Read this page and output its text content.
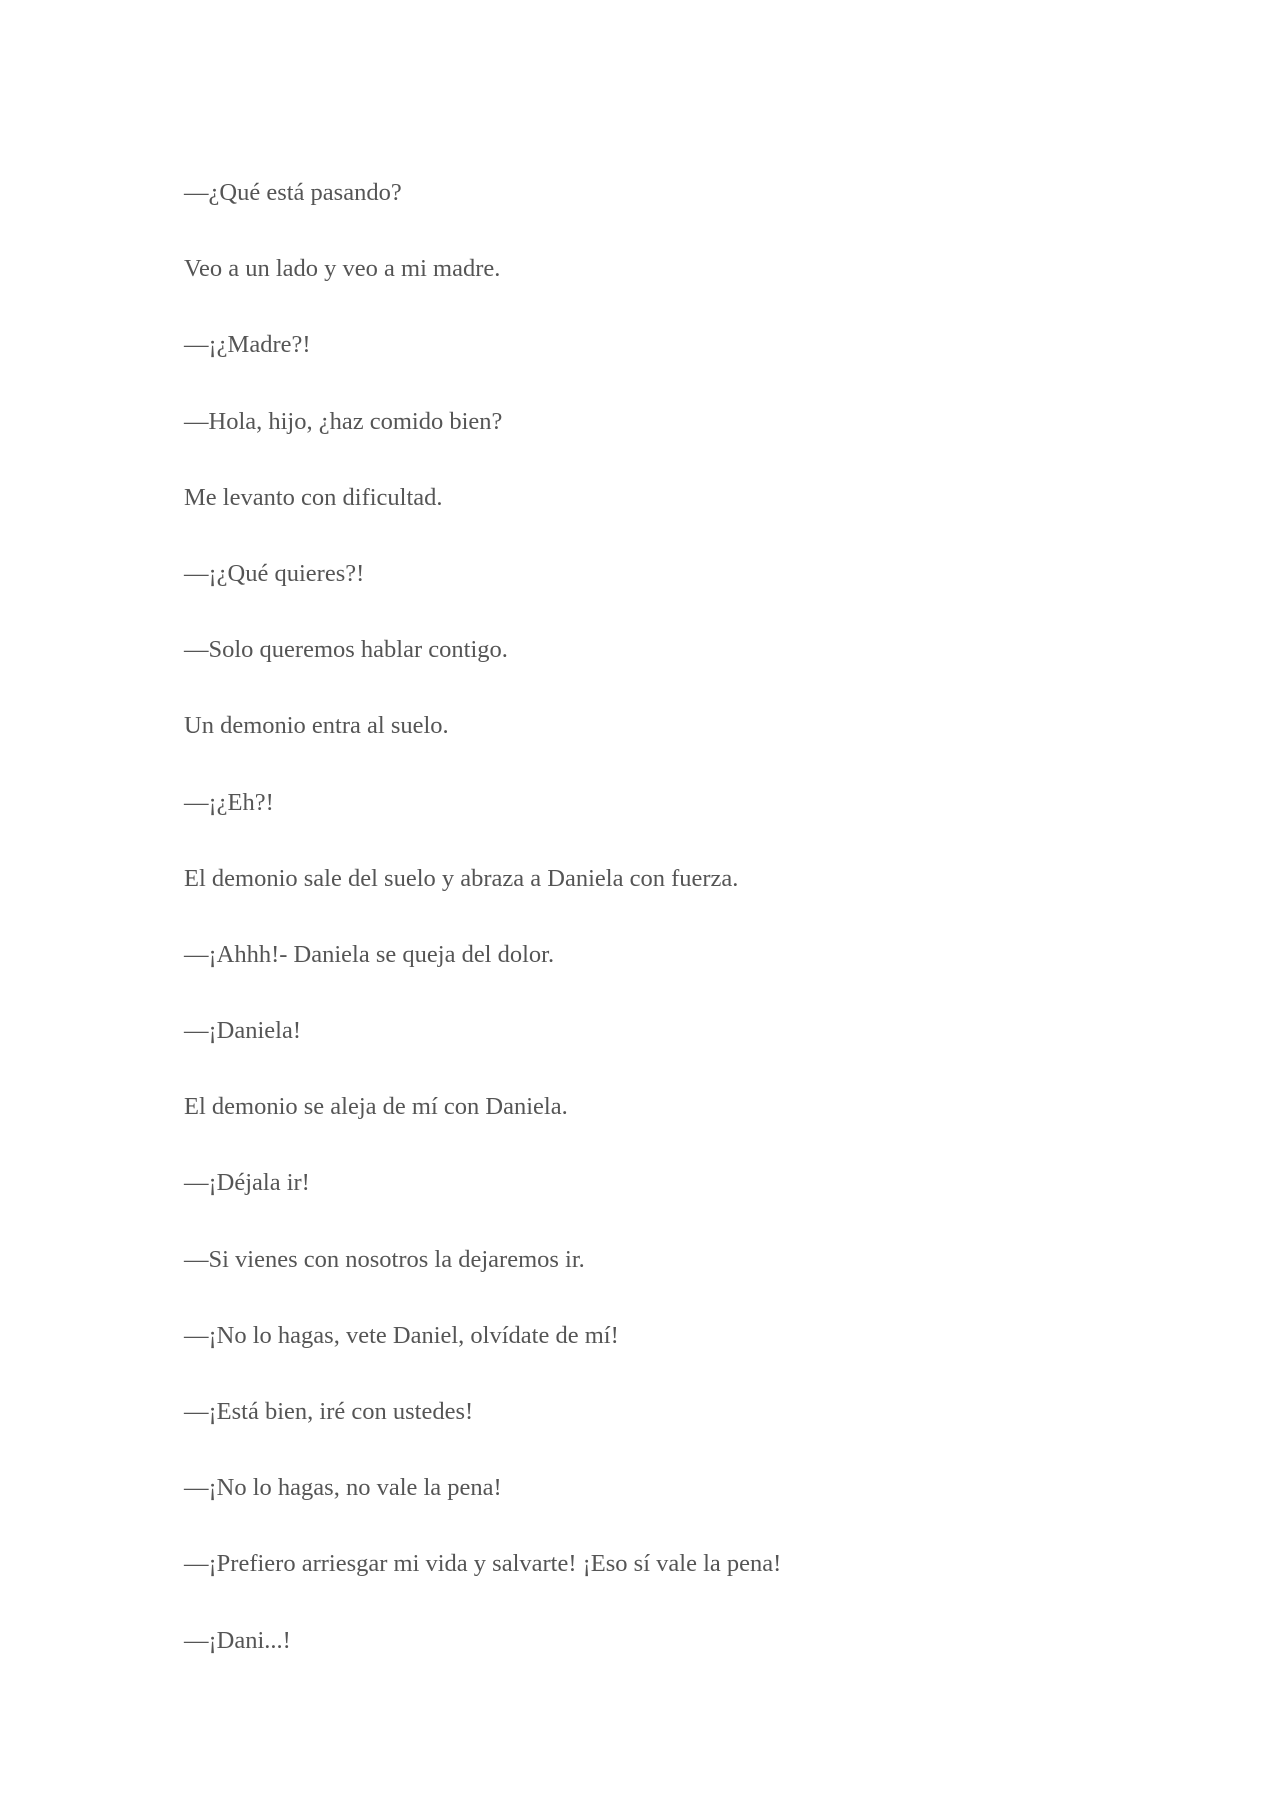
—¿Qué está pasando?

Veo a un lado y veo a mi madre.

—¡¿Madre?!

—Hola, hijo, ¿haz comido bien?

Me levanto con dificultad.

—¡¿Qué quieres?!

—Solo queremos hablar contigo.

Un demonio entra al suelo.

—¡¿Eh?!

El demonio sale del suelo y abraza a Daniela con fuerza.

—¡Ahhh!- Daniela se queja del dolor.

—¡Daniela!

El demonio se aleja de mí con Daniela.

—¡Déjala ir!

—Si vienes con nosotros la dejaremos ir.

—¡No lo hagas, vete Daniel, olvídate de mí!

—¡Está bien, iré con ustedes!

—¡No lo hagas, no vale la pena!

—¡Prefiero arriesgar mi vida y salvarte! ¡Eso sí vale la pena!

—¡Dani...!
